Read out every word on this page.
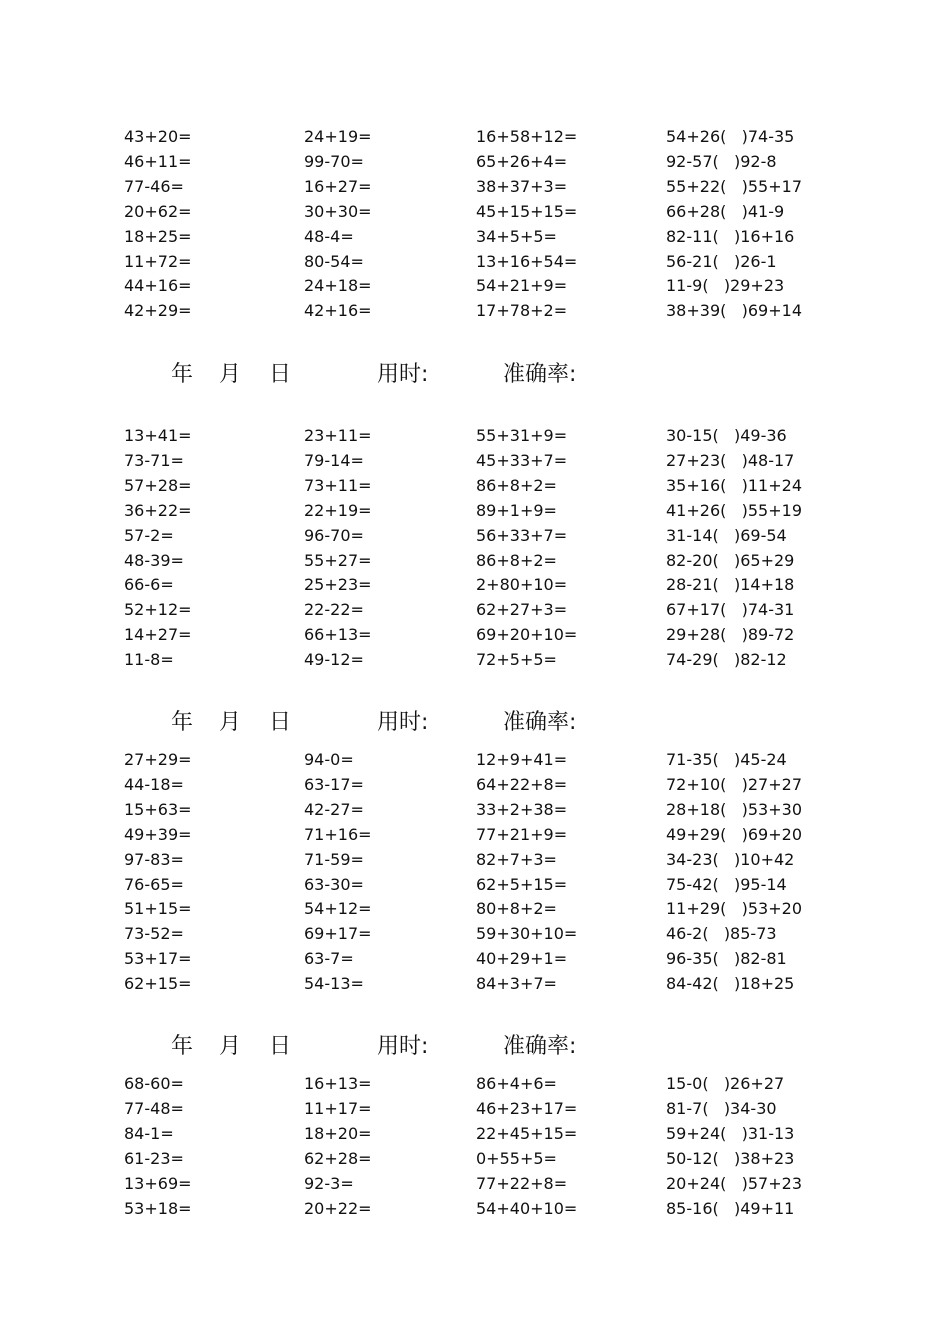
43+20=	24+19=	16+58+12=	54+26(   )74-35
46+11=	99-70=	65+26+4=	92-57(   )92-8
77-46=	16+27=	38+37+3=	55+22(   )55+17
20+62=	30+30=	45+15+15=	66+28(   )41-9
18+25=	48-4=	34+5+5=	82-11(   )16+16
11+72=	80-54=	13+16+54=	56-21(   )26-1
44+16=	24+18=	54+21+9=	11-9(   )29+23
42+29=	42+16=	17+78+2=	38+39(   )69+14
年 月 日	用时:	准确率:
13+41=	23+11=	55+31+9=	30-15(   )49-36
73-71=	79-14=	45+33+7=	27+23(   )48-17
57+28=	73+11=	86+8+2=	35+16(   )11+24
36+22=	22+19=	89+1+9=	41+26(   )55+19
57-2=	96-70=	56+33+7=	31-14(   )69-54
48-39=	55+27=	86+8+2=	82-20(   )65+29
66-6=	25+23=	2+80+10=	28-21(   )14+18
52+12=	22-22=	62+27+3=	67+17(   )74-31
14+27=	66+13=	69+20+10=	29+28(   )89-72
11-8=	49-12=	72+5+5=	74-29(   )82-12
年 月 日	用时:	准确率:
27+29=	94-0=	12+9+41=	71-35(   )45-24
44-18=	63-17=	64+22+8=	72+10(   )27+27
15+63=	42-27=	33+2+38=	28+18(   )53+30
49+39=	71+16=	77+21+9=	49+29(   )69+20
97-83=	71-59=	82+7+3=	34-23(   )10+42
76-65=	63-30=	62+5+15=	75-42(   )95-14
51+15=	54+12=	80+8+2=	11+29(   )53+20
73-52=	69+17=	59+30+10=	46-2(   )85-73
53+17=	63-7=	40+29+1=	96-35(   )82-81
62+15=	54-13=	84+3+7=	84-42(   )18+25
年 月 日	用时:	准确率:
68-60=	16+13=	86+4+6=	15-0(   )26+27
77-48=	11+17=	46+23+17=	81-7(   )34-30
84-1=	18+20=	22+45+15=	59+24(   )31-13
61-23=	62+28=	0+55+5=	50-12(   )38+23
13+69=	92-3=	77+22+8=	20+24(   )57+23
53+18=	20+22=	54+40+10=	85-16(   )49+11
